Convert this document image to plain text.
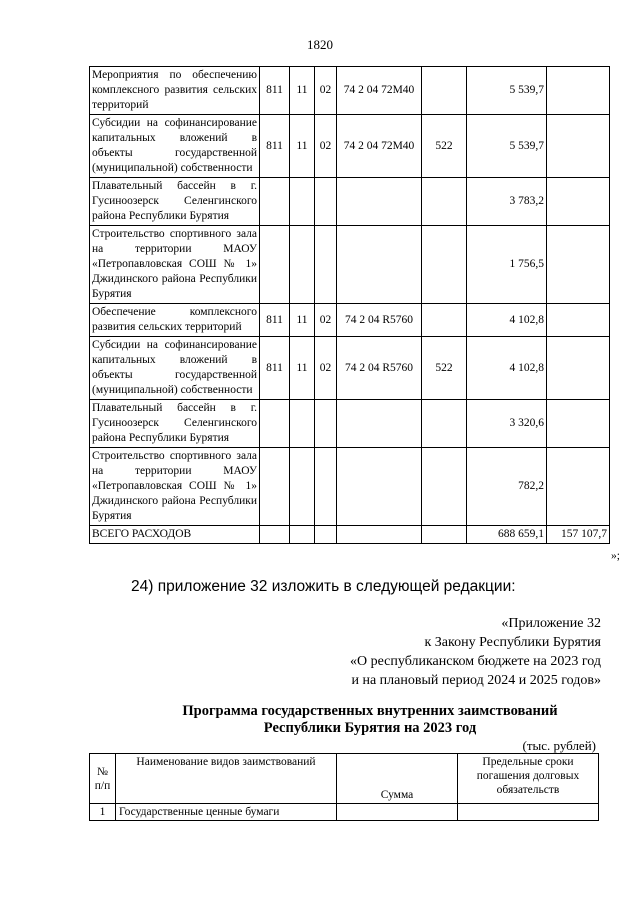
1820
Мероприятия по обеспечению комплексного развития сельских территорий	811	11	02	74 2 04 72М40		5 539,7	
Субсидии на софинансирование капитальных вложений в объекты государственной (муниципальной) собственности	811	11	02	74 2 04 72М40	522	5 539,7	
Плавательный бассейн в г. Гусиноозерск Селенгинского района Республики Бурятия						3 783,2	
Строительство спортивного зала на территории МАОУ «Петропавловская СОШ № 1» Джидинского района Республики Бурятия						1 756,5	
Обеспечение комплексного развития сельских территорий	811	11	02	74 2 04 R5760		4 102,8	
Субсидии на софинансирование капитальных вложений в объекты государственной (муниципальной) собственности	811	11	02	74 2 04 R5760	522	4 102,8	
Плавательный бассейн в г. Гусиноозерск Селенгинского района Республики Бурятия						3 320,6	
Строительство спортивного зала на территории МАОУ «Петропавловская СОШ № 1» Джидинского района Республики Бурятия						782,2	
ВСЕГО РАСХОДОВ						688 659,1	157 107,7
»;
24) приложение 32 изложить в следующей редакции:
«Приложение 32
к Закону Республики Бурятия
«О республиканском бюджете на 2023 год
и на плановый период 2024 и 2025 годов»
Программа государственных внутренних заимствований
Республики Бурятия на 2023 год
(тыс. рублей)
№ п/п	Наименование видов заимствований	Сумма	Предельные сроки погашения долговых обязательств
1	Государственные ценные бумаги		
